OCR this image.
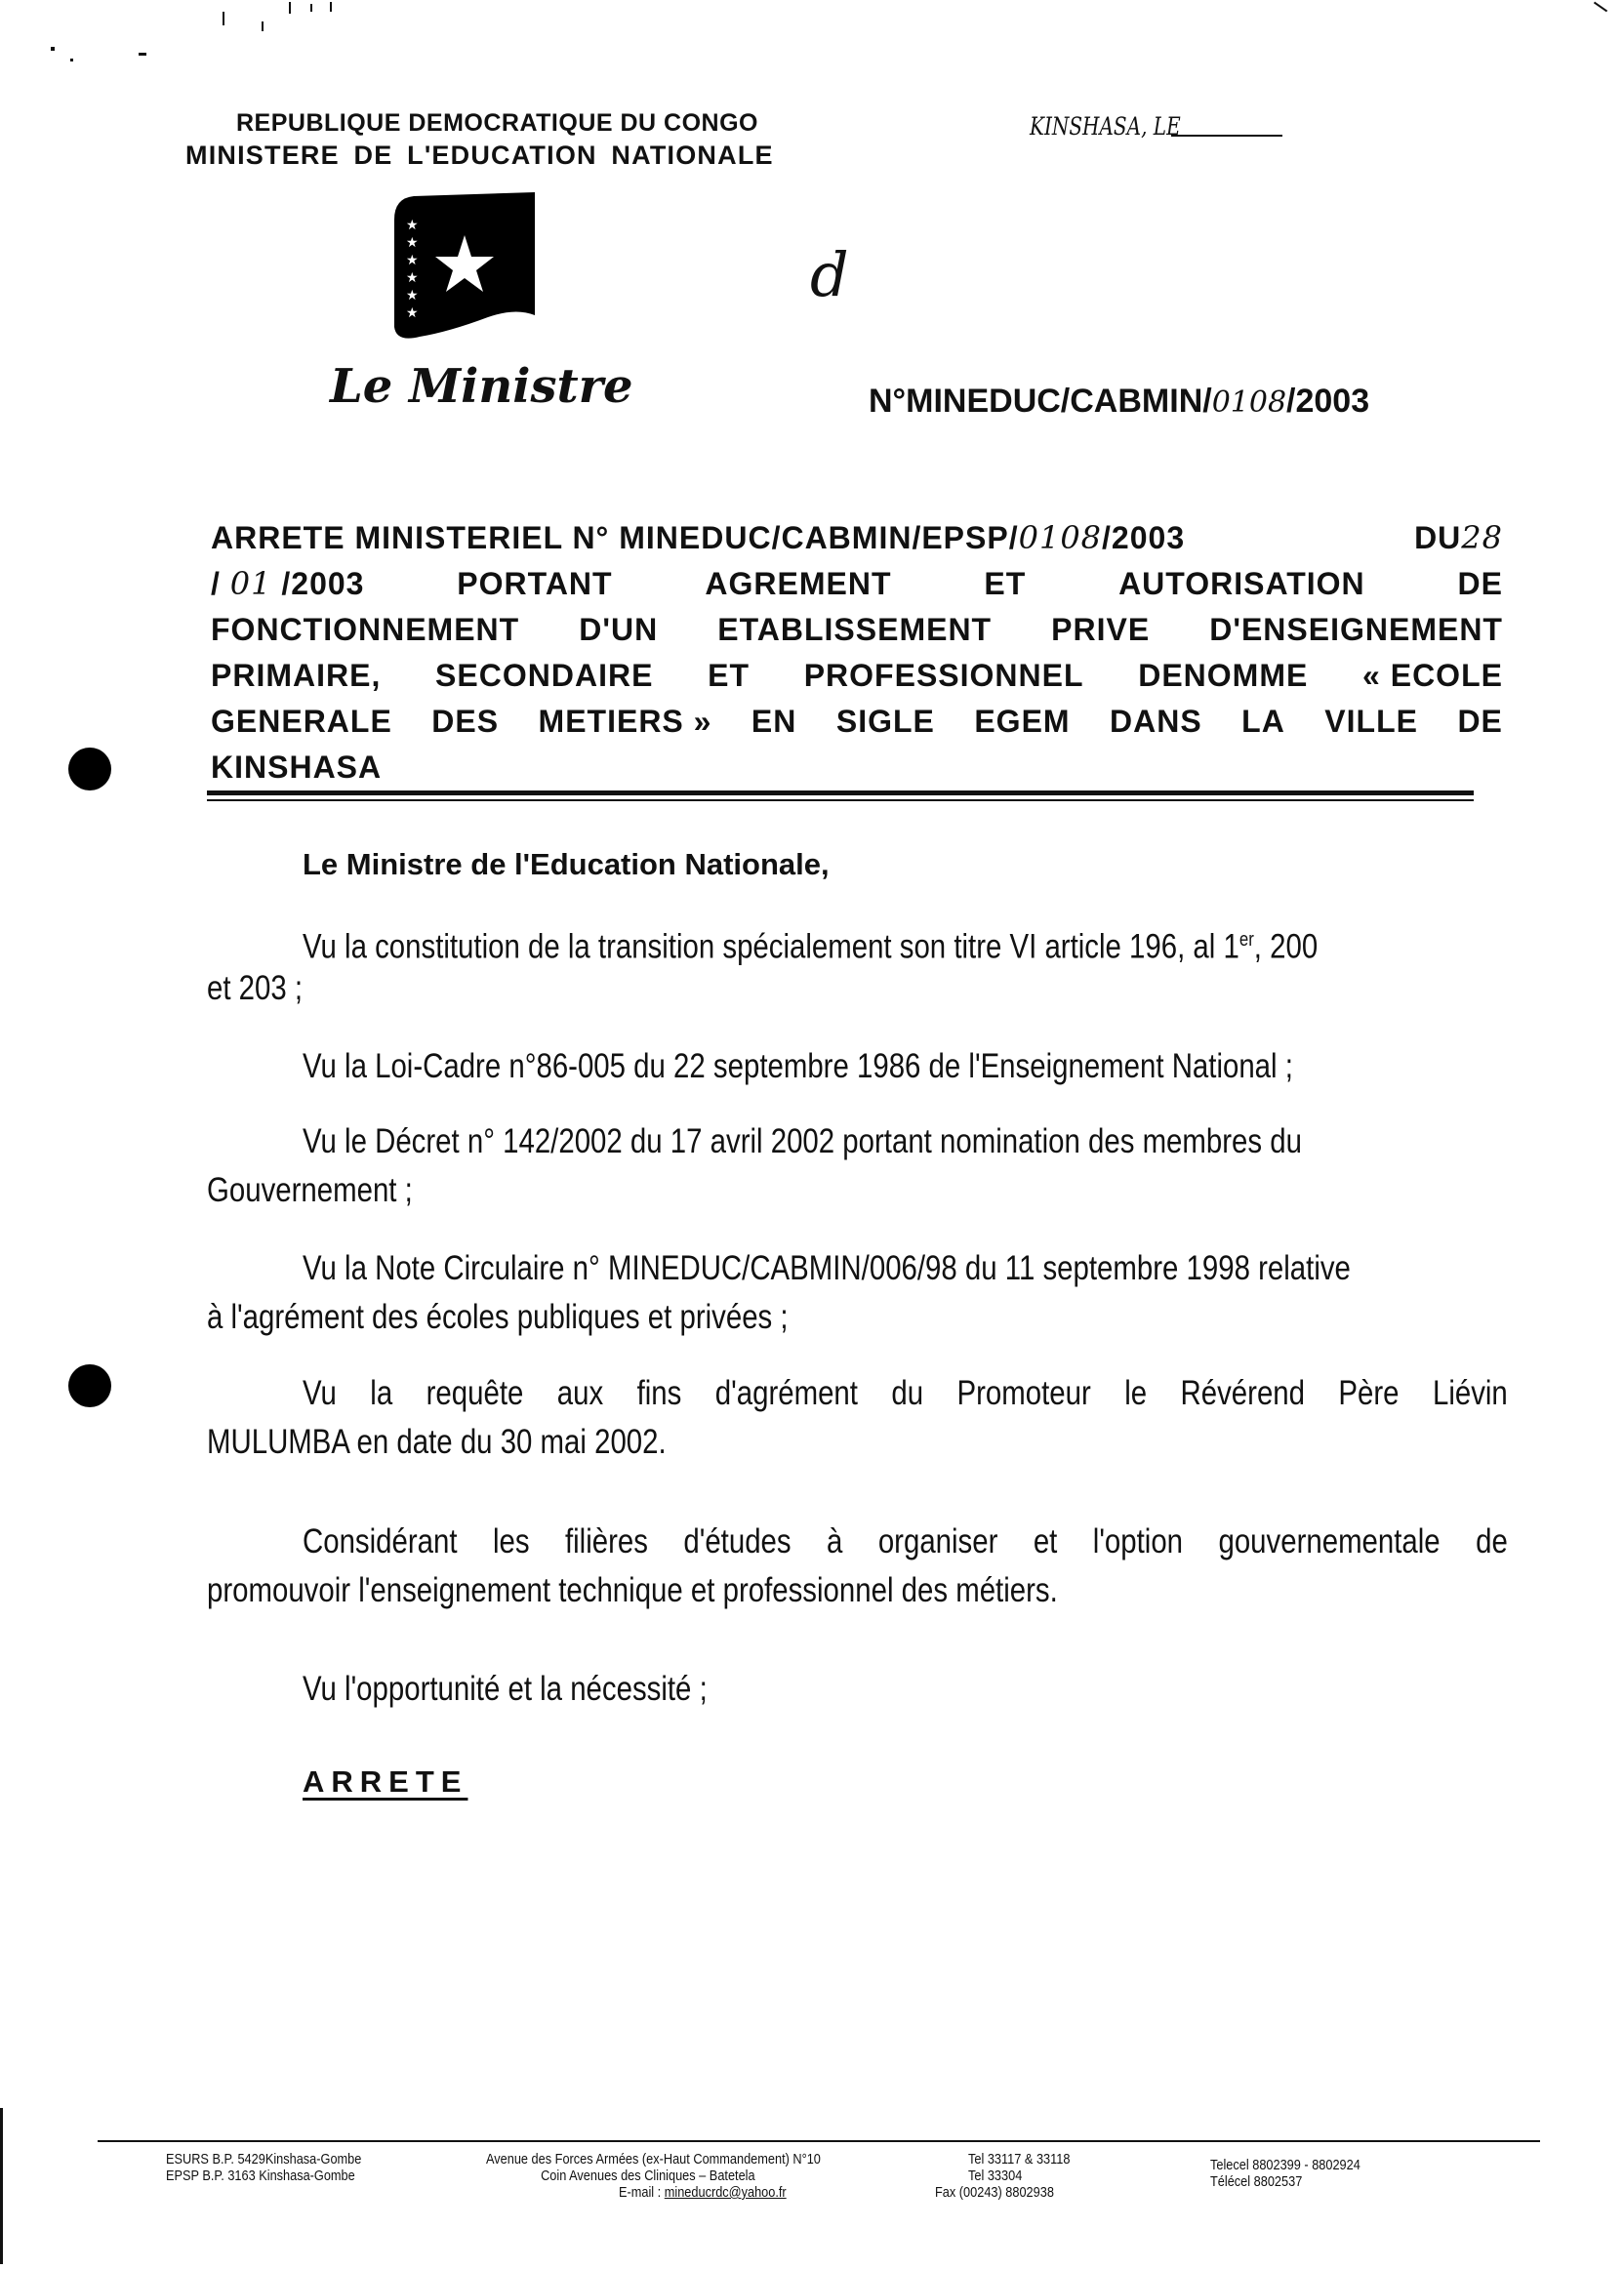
REPUBLIQUE DEMOCRATIQUE DU CONGO
MINISTERE DE L'EDUCATION NATIONALE
KINSHASA, LE
★
★
★
★
★
★
d
Le Ministre	N°MINEDUC/CABMIN/0108/2003
ARRETE MINISTERIEL N° MINEDUC/CABMIN/EPSP/0108/2003	DU28
/ 01 /2003	PORTANT	AGREMENT	ET	AUTORISATION	DE
FONCTIONNEMENT D'UN ETABLISSEMENT PRIVE D'ENSEIGNEMENT
PRIMAIRE, SECONDAIRE ET PROFESSIONNEL DENOMME « ECOLE
GENERALE DES METIERS » EN SIGLE EGEM DANS LA VILLE DE
KINSHASA
Le Ministre de l'Education Nationale,
Vu la constitution de la transition spécialement son titre VI article 196, al 1er, 200
et 203 ;
Vu la Loi-Cadre n°86-005 du 22 septembre 1986 de l'Enseignement National ;
Vu le Décret n° 142/2002 du 17 avril 2002 portant nomination des membres du
Gouvernement ;
Vu la Note Circulaire n° MINEDUC/CABMIN/006/98 du 11 septembre 1998 relative
à l'agrément des écoles publiques et privées ;
Vu la requête aux fins d'agrément du Promoteur le Révérend Père Liévin
MULUMBA en date du 30 mai 2002.
Considérant les filières d'études à organiser et l'option gouvernementale de
promouvoir l'enseignement technique et professionnel des métiers.
Vu l'opportunité et la nécessité ;
ARRETE
ESURS B.P. 5429Kinshasa-Gombe
EPSP B.P. 3163 Kinshasa-Gombe
Avenue des Forces Armées (ex-Haut Commandement) N°10
Coin Avenues des Cliniques – Batetela
E-mail : mineducrdc@yahoo.fr
Tel 33117 & 33118
Tel 33304
Fax (00243) 8802938
Telecel 8802399 - 8802924
Télécel 8802537
